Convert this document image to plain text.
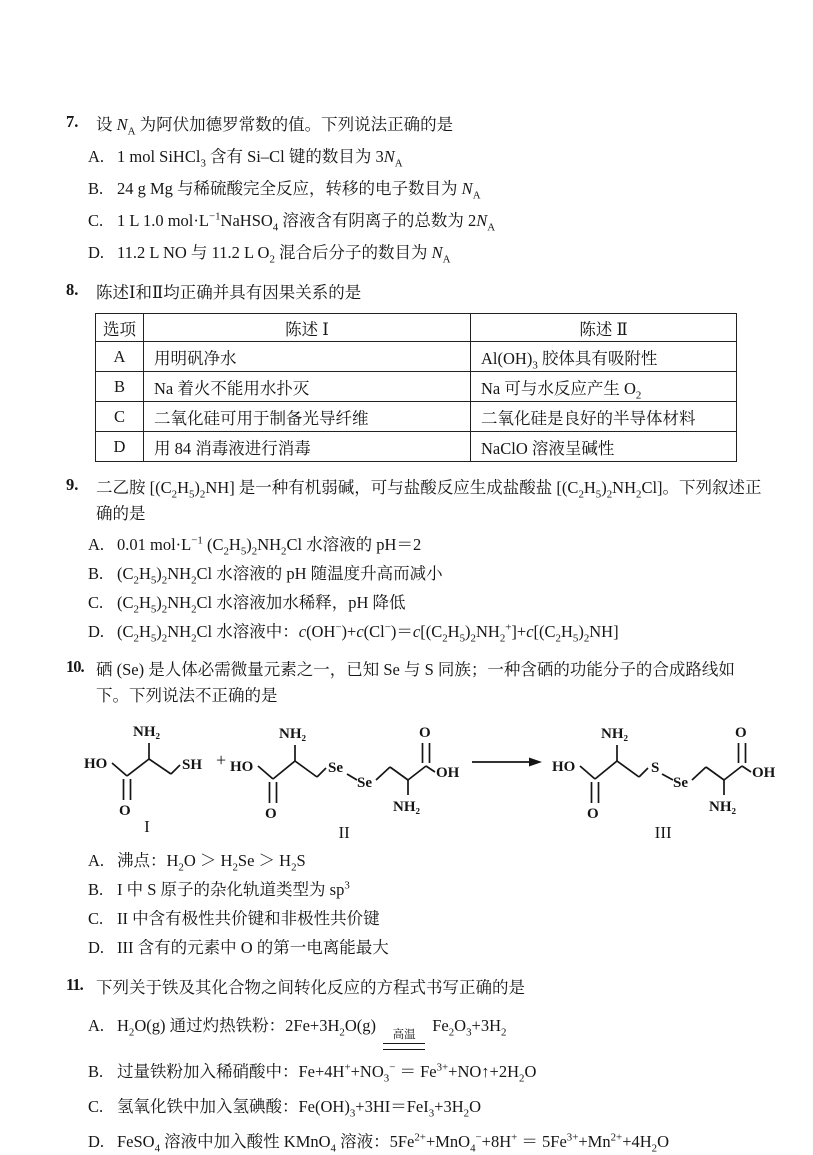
7.	设 $N_A$ 为阿伏加德罗常数的值。下列说法正确的是
A. 1 mol SiHCl$_3$ 含有 Si–Cl 键的数目为 $3N_A$
B. 24 g Mg 与稀硫酸完全反应，转移的电子数目为 $N_A$
C. 1 L 1.0 $mol\cdot L^{-1}NaHSO_4$ 溶液含有阴离子的总数为 $2N_A$
D. 11.2 L NO 与 11.2 L $O_2$ 混合后分子的数目为 $N_A$
8.	陈述Ⅰ和Ⅱ均正确并具有因果关系的是
选项	陈述 Ⅰ	陈述 Ⅱ
A	用明矾净水	$Al(OH)_3$ 胶体具有吸附性
B	Na 着火不能用水扑灭	Na 可与水反应产生 $O_2$
C	二氧化硅可用于制备光导纤维	二氧化硅是良好的半导体材料
D	用 84 消毒液进行消毒	NaClO 溶液呈碱性
9.	二乙胺 $[(C_2H_5)_2NH]$ 是一种有机弱碱，可与盐酸反应生成盐酸盐 $[(C_2H_5)_2NH_2Cl]$。下列叙述正确的是
A. 0.01 $mol\cdot L^{-1}$ $(C_2H_5)_2NH_2Cl$ 水溶液的 pH＝2
B. $(C_2H_5)_2NH_2Cl$ 水溶液的 pH 随温度升高而减小
C. $(C_2H_5)_2NH_2Cl$ 水溶液加水稀释，pH 降低
D. $(C_2H_5)_2NH_2Cl$ 水溶液中：$c(OH^-)+c(Cl^-)=c[(C_2H_5)_2NH_2^+]+c[(C_2H_5)_2NH]$
10. 硒 (Se) 是人体必需微量元素之一，已知 Se 与 S 同族；一种含硒的功能分子的合成路线如下。下列说法不正确的是
HO
O
NH₂
SH
I
+ HO
O
NH₂
Se
Se
NH₂
O
OH
II
HO
O
NH₂
S
Se
NH₂
O
OH
III
A. 沸点：$H_2O > H_2Se > H_2S$
B. I 中 S 原子的杂化轨道类型为 $sp^3$
C. II 中含有极性共价键和非极性共价键
D. III 含有的元素中 O 的第一电离能最大
11. 下列关于铁及其化合物之间转化反应的方程式书写正确的是
A. $H_2O(g)$ 通过灼热铁粉：$2Fe+3H_2O(g)$ 高温 $Fe_2O_3+3H_2$
B. 过量铁粉加入稀硝酸中：$Fe+4H^++NO_3^-$ ＝ $Fe^{3+}+NO↑+2H_2O$
C. 氢氧化铁中加入氢碘酸：$Fe(OH)_3+3HI=FeI_3+3H_2O$
D. FeSO$_4$ 溶液中加入酸性 KMnO$_4$ 溶液：$5Fe^{2+}+MnO_4^-+8H^+ = 5Fe^{3+}+Mn^{2+}+4H_2O$
